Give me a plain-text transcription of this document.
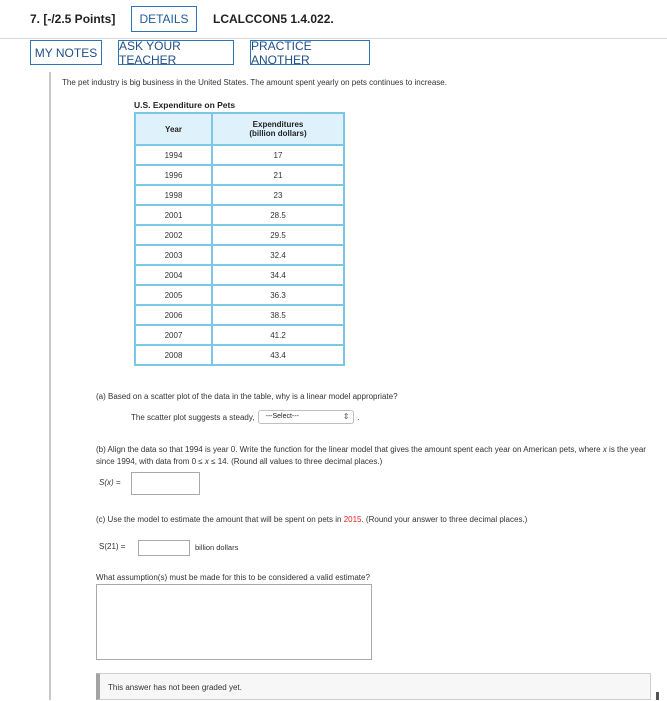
7. [-/2.5 Points]	DETAILS	LCALCCON5 1.4.022.
MY NOTES	ASK YOUR TEACHER
PRACTICE ANOTHER
The pet industry is big business in the United States. The amount spent yearly on pets continues to increase.
U.S. Expenditure on Pets
Year	Expenditures
(billion dollars)

1994	17
1996	21
1998	23
2001	28.5
2002	29.5
2003	32.4
2004	34.4
2005	36.3
2006	38.5
2007	41.2
2008	43.4
(a) Based on a scatter plot of the data in the table, why is a linear model appropriate?
The scatter plot suggests a steady,	---Select---	⇕ .
(b) Align the data so that 1994 is year 0. Write the function for the linear model that gives the amount spent each year on American pets, where x is the year since 1994, with data from 0 ≤ x ≤ 14. (Round all values to three decimal places.)
S(x) =
(c) Use the model to estimate the amount that will be spent on pets in 2015. (Round your answer to three decimal places.)
S(21) =	billion dollars
What assumption(s) must be made for this to be considered a valid estimate?
This answer has not been graded yet.
